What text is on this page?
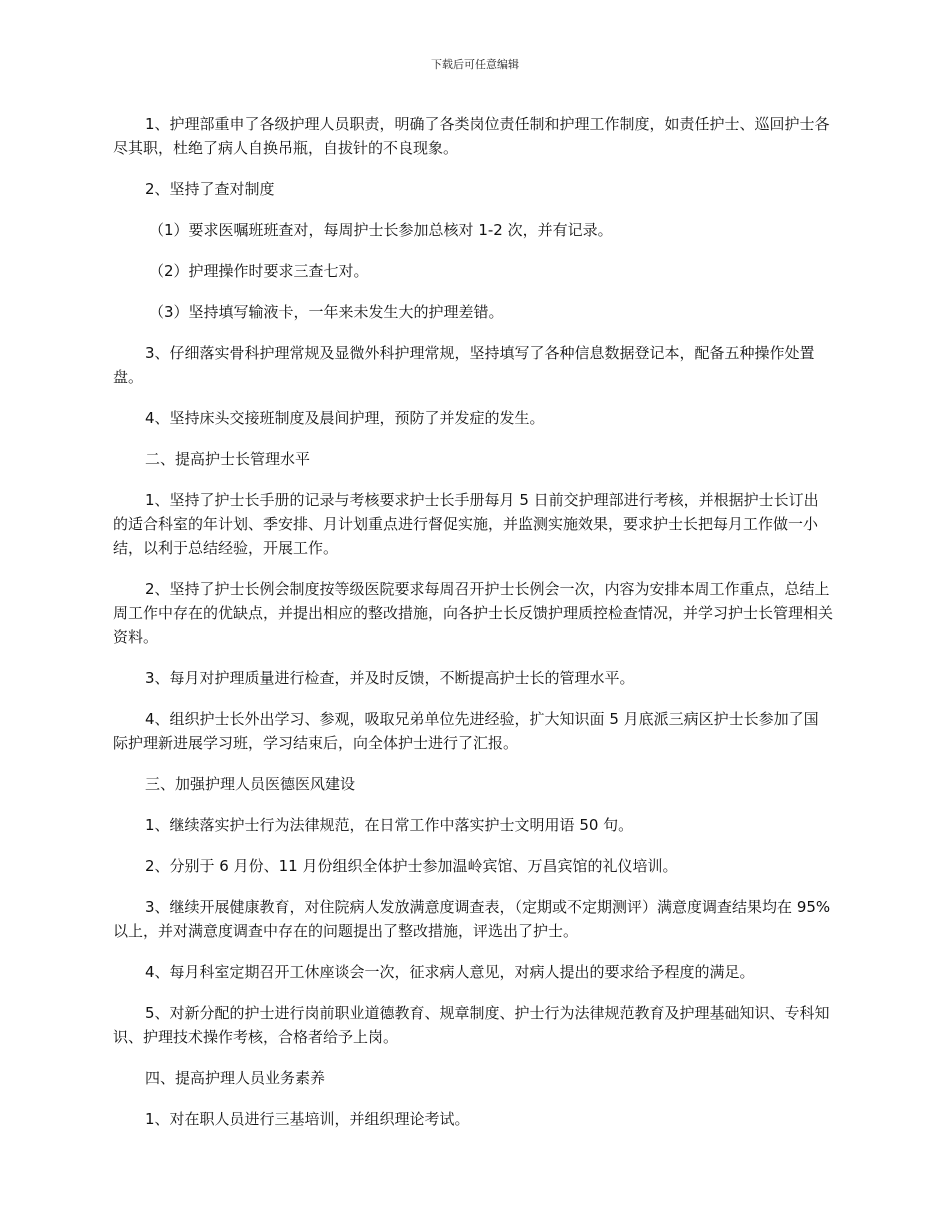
下载后可任意编辑

1、护理部重申了各级护理人员职责，明确了各类岗位责任制和护理工作制度，如责任护士、巡回护士各尽其职，杜绝了病人自换吊瓶，自拔针的不良现象。

2、坚持了查对制度

（1）要求医嘱班班查对，每周护士长参加总核对 1-2 次，并有记录。

（2）护理操作时要求三查七对。

（3）坚持填写输液卡，一年来未发生大的护理差错。

3、仔细落实骨科护理常规及显微外科护理常规，坚持填写了各种信息数据登记本，配备五种操作处置盘。

4、坚持床头交接班制度及晨间护理，预防了并发症的发生。

二、提高护士长管理水平

1、坚持了护士长手册的记录与考核要求护士长手册每月 5 日前交护理部进行考核，并根据护士长订出的适合科室的年计划、季安排、月计划重点进行督促实施，并监测实施效果，要求护士长把每月工作做一小结，以利于总结经验，开展工作。

2、坚持了护士长例会制度按等级医院要求每周召开护士长例会一次，内容为安排本周工作重点，总结上周工作中存在的优缺点，并提出相应的整改措施，向各护士长反馈护理质控检查情况，并学习护士长管理相关资料。

3、每月对护理质量进行检查，并及时反馈，不断提高护士长的管理水平。

4、组织护士长外出学习、参观，吸取兄弟单位先进经验，扩大知识面 5 月底派三病区护士长参加了国际护理新进展学习班，学习结束后，向全体护士进行了汇报。

三、加强护理人员医德医风建设

1、继续落实护士行为法律规范，在日常工作中落实护士文明用语 50 句。

2、分别于 6 月份、11 月份组织全体护士参加温岭宾馆、万昌宾馆的礼仪培训。

3、继续开展健康教育，对住院病人发放满意度调查表，（定期或不定期测评）满意度调查结果均在 95%以上，并对满意度调查中存在的问题提出了整改措施，评选出了护士。

4、每月科室定期召开工休座谈会一次，征求病人意见，对病人提出的要求给予程度的满足。

5、对新分配的护士进行岗前职业道德教育、规章制度、护士行为法律规范教育及护理基础知识、专科知识、护理技术操作考核，合格者给予上岗。

四、提高护理人员业务素养

1、对在职人员进行三基培训，并组织理论考试。
